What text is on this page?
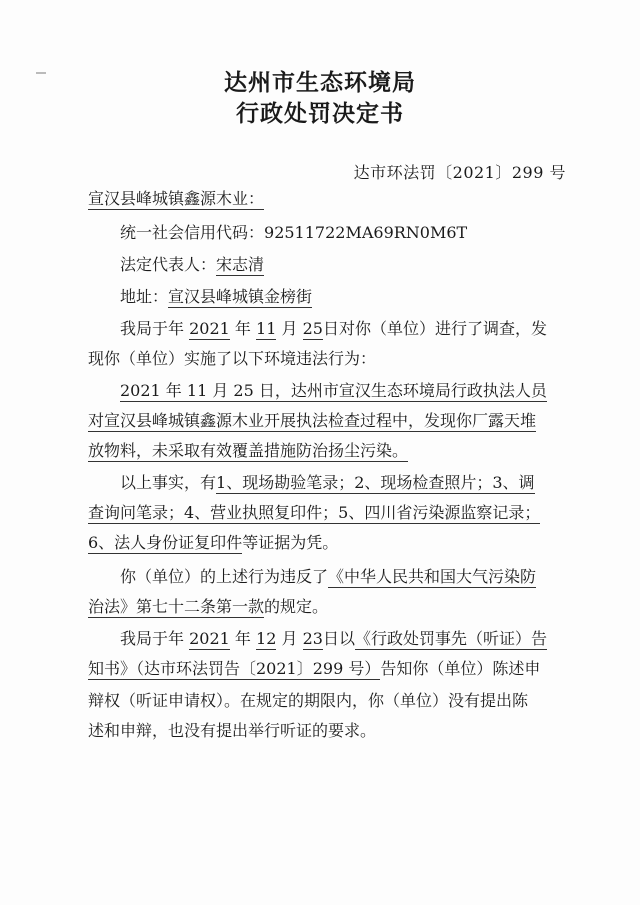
达州市生态环境局
行政处罚决定书
达市环法罚〔2021〕299 号
宣汉县峰城镇鑫源木业：
统一社会信用代码：92511722MA69RN0M6T
法定代表人：宋志清
地址：宣汉县峰城镇金榜街
我局于年 2021 年 11 月 25日对你（单位）进行了调查，发
现你（单位）实施了以下环境违法行为：
2021 年 11 月 25 日，达州市宣汉生态环境局行政执法人员
对宣汉县峰城镇鑫源木业开展执法检查过程中，发现你厂露天堆
放物料，未采取有效覆盖措施防治扬尘污染。
以上事实，有1、现场勘验笔录；2、现场检查照片；3、调
查询问笔录；4、营业执照复印件；5、四川省污染源监察记录；
6、法人身份证复印件等证据为凭。
你（单位）的上述行为违反了《中华人民共和国大气污染防
治法》第七十二条第一款的规定。
我局于年 2021 年 12 月 23日以《行政处罚事先（听证）告
知书》（达市环法罚告〔2021〕299 号）告知你（单位）陈述申
辩权（听证申请权）。在规定的期限内，你（单位）没有提出陈
述和申辩，也没有提出举行听证的要求。
